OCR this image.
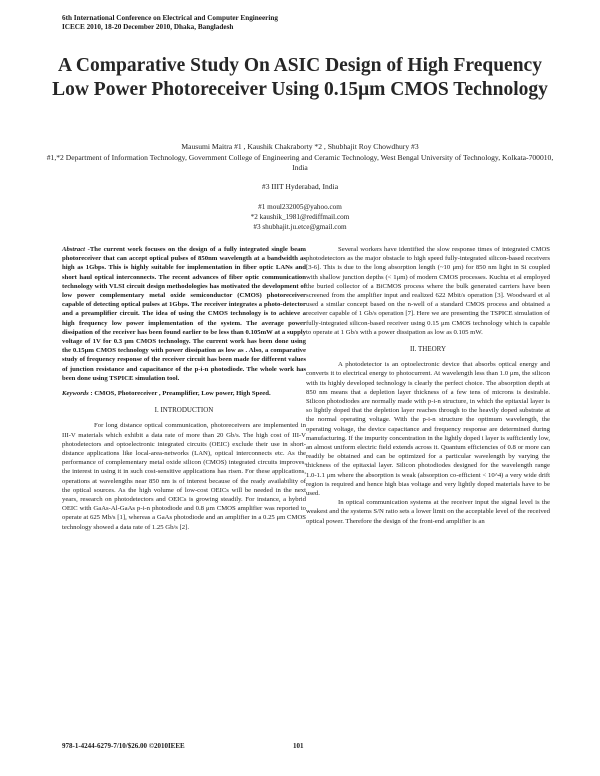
6th International Conference on Electrical and Computer Engineering
ICECE 2010, 18-20 December 2010, Dhaka, Bangladesh
A Comparative Study On ASIC Design of High Frequency Low Power Photoreceiver Using 0.15μm CMOS Technology
Mausumi Maitra #1 , Kaushik Chakraborty *2 , Shubhajit Roy Chowdhury #3
#1,*2 Department of Information Technology, Government College of Engineering and Ceramic Technology, West Bengal University of Technology, Kolkata-700010, India
#3 IIIT Hyderabad, India
#1 moul232005@yahoo.com
*2 kaushik_1981@rediffmail.com
#3 shubhajit.ju.etce@gmail.com

Abstract -The current work focuses on the design of a fully integrated single beam photoreceiver that can accept optical pulses of 850nm wavelength at a bandwidth as high as 1Gbps. This is highly suitable for implementation in fiber optic LANs and short haul optical interconnects. The recent advances of fiber optic communication technology with VLSI circuit design methodologies has motivated the development of low power complementary metal oxide semiconductor (CMOS) photoreceiver capable of detecting optical pulses at 1Gbps. The receiver integrates a photo-detector and a preamplifier circuit. The idea of using the CMOS technology is to achieve a high frequency low power implementation of the system. The average power dissipation of the receiver has been found earlier to be less than 0.105mW at a supply voltage of 1V for 0.3 μm CMOS technology. The current work has been done using the 0.15μm CMOS technology with power dissipation as low as . Also, a comparative study of frequency response of the receiver circuit has been made for different values of junction resistance and capacitance of the p-i-n photodiode. The whole work has been done using TSPICE simulation tool.

Keywords : CMOS, Photoreceiver , Preamplifier, Low power, High Speed.

I. INTRODUCTION

For long distance optical communication, photoreceivers are implemented in III-V materials which exhibit a data rate of more than 20 Gb/s. The high cost of III-V photodetectors and optoelectronic integrated circuits (OEIC) exclude their use in short-distance applications like local-area-networks (LAN), optical interconnects etc. As the performance of complementary metal oxide silicon (CMOS) integrated circuits improves, the interest in using it in such cost-sensitive applications has risen. For these applications, operations at wavelengths near 850 nm is of interest because of the ready availability of the optical sources. As the high volume of low-cost OEICs will be needed in the next years, research on photodetectors and OEICs is growing steadily. For instance, a hybrid OEIC with GaAs-Al-GaAs p-i-n photodiode and 0.8 μm CMOS amplifier was reported to operate at 625 Mb/s [1], whereas a GaAs photodiode and an amplifier in a 0.25 μm CMOS technology showed a data rate of 1.25 Gb/s [2].

Several workers have identified the slow response times of integrated CMOS photodetectors as the major obstacle to high speed fully-integrated silicon-based receivers [3-6]. This is due to the long absorption length (~10 μm) for 850 nm light in Si coupled with shallow junction depths (< 1μm) of modern CMOS processes. Kuchta et al employed the buried collector of a BiCMOS process where the bulk generated carriers have been screened from the amplifier input and realized 622 Mbit/s operation [3]. Woodward et al used a similar concept based on the n-well of a standard CMOS process and obtained a receiver capable of 1 Gb/s operation [7]. Here we are presenting the TSPICE simulation of fully-integrated silicon-based receiver using 0.15 μm CMOS technology which is capable to operate at 1 Gb/s with a power dissipation as low as 0.105 mW.

II. THEORY

A photodetector is an optoelectronic device that absorbs optical energy and converts it to electrical energy to photocurrent. At wavelength less than 1.0 μm, the silicon with its highly developed technology is clearly the perfect choice. The absorption depth at 850 nm means that a depletion layer thickness of a few tens of microns is desirable. Silicon photodiodes are normally made with p-i-n structure, in which the epitaxial layer is so lightly doped that the depletion layer reaches through to the heavily doped substrate at the normal operating voltage. With the p-i-n structure the optimum wavelength, the operating voltage, the device capacitance and frequency response are determined during manufacturing. If the impurity concentration in the lightly doped i layer is sufficiently low, an almost uniform electric field extends across it. Quantum efficiencies of 0.8 or more can readily be obtained and can be optimized for a particular wavelength by varying the thickness of the epitaxial layer. Silicon photodiodes designed for the wavelength range 1.0-1.1 μm where the absorption is weak (absorption co-efficient < 10^4) a very wide drift region is required and hence high bias voltage and very lightly doped materials have to be used.

In optical communication systems at the receiver input the signal level is the weakest and the systems S/N ratio sets a lower limit on the acceptable level of the received optical power. Therefore the design of the front-end amplifier is an

978-1-4244-6279-7/10/$26.00 ©2010IEEE	101
